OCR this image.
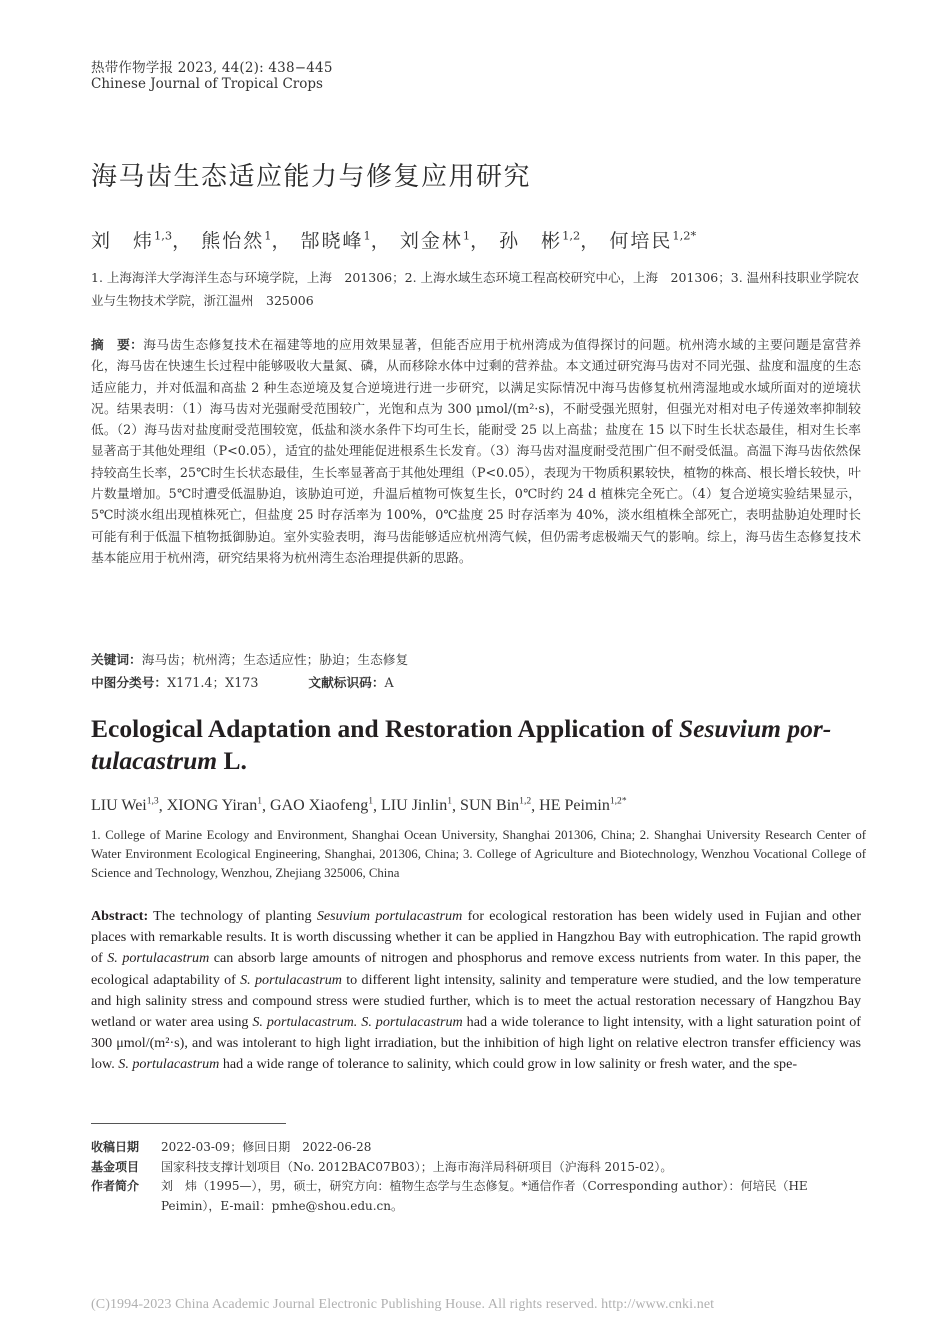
热带作物学报 2023, 44(2): 438−445
Chinese Journal of Tropical Crops
海马齿生态适应能力与修复应用研究
刘　炜$^{1,3}$， 熊怡然$^1$， 郜晓峰$^1$， 刘金林$^1$， 孙　彬$^{1,2}$， 何培民$^{1,2*}$

1. 上海海洋大学海洋生态与环境学院，上海　201306；2. 上海水域生态环境工程高校研究中心，上海　201306；3. 温州科技职业学院农业与生物技术学院，浙江温州　325006

摘　要：海马齿生态修复技术在福建等地的应用效果显著，但能否应用于杭州湾成为值得探讨的问题。杭州湾水域的主要问题是富营养化，海马齿在快速生长过程中能够吸收大量氮、磷，从而移除水体中过剩的营养盐。本文通过研究海马齿对不同光强、盐度和温度的生态适应能力，并对低温和高盐 2 种生态逆境及复合逆境进行进一步研究，以满足实际情况中海马齿修复杭州湾湿地或水域所面对的逆境状况。结果表明：（1）海马齿对光强耐受范围较广，光饱和点为 300 μmol/(m²·s)，不耐受强光照射，但强光对相对电子传递效率抑制较低。（2）海马齿对盐度耐受范围较宽，低盐和淡水条件下均可生长，能耐受 25 以上高盐；盐度在 15 以下时生长状态最佳，相对生长率显著高于其他处理组（P<0.05），适宜的盐处理能促进根系生长发育。（3）海马齿对温度耐受范围广但不耐受低温。高温下海马齿依然保持较高生长率，25℃时生长状态最佳，生长率显著高于其他处理组（P<0.05），表现为干物质积累较快，植物的株高、根长增长较快，叶片数量增加。5℃时遭受低温胁迫，该胁迫可逆，升温后植物可恢复生长，0℃时约 24 d 植株完全死亡。（4）复合逆境实验结果显示，5℃时淡水组出现植株死亡，但盐度 25 时存活率为 100%，0℃盐度 25 时存活率为 40%，淡水组植株全部死亡，表明盐胁迫处理时长可能有利于低温下植物抵御胁迫。室外实验表明，海马齿能够适应杭州湾气候，但仍需考虑极端天气的影响。综上，海马齿生态修复技术基本能应用于杭州湾，研究结果将为杭州湾生态治理提供新的思路。

关键词：海马齿；杭州湾；生态适应性；胁迫；生态修复

中图分类号：X171.4；X173	文献标识码：A

Ecological Adaptation and Restoration Application of Sesuvium por-tulacastrum L.
LIU Wei$^{1,3}$, XIONG Yiran$^1$, GAO Xiaofeng$^1$, LIU Jinlin$^1$, SUN Bin$^{1,2}$, HE Peimin$^{1,2*}$

1. College of Marine Ecology and Environment, Shanghai Ocean University, Shanghai 201306, China; 2. Shanghai University Research Center of Water Environment Ecological Engineering, Shanghai, 201306, China; 3. College of Agriculture and Biotechnology, Wenzhou Vocational College of Science and Technology, Wenzhou, Zhejiang 325006, China

Abstract: The technology of planting Sesuvium portulacastrum for ecological restoration has been widely used in Fujian and other places with remarkable results. It is worth discussing whether it can be applied in Hangzhou Bay with eutrophication. The rapid growth of S. portulacastrum can absorb large amounts of nitrogen and phosphorus and remove excess nutrients from water. In this paper, the ecological adaptability of S. portulacastrum to different light intensity, salinity and temperature were studied, and the low temperature and high salinity stress and compound stress were studied further, which is to meet the actual restoration necessary of Hangzhou Bay wetland or water area using S. portulacastrum. S. portulacastrum had a wide tolerance to light intensity, with a light saturation point of 300 μmol/(m²·s), and was intolerant to high light irradiation, but the inhibition of high light on relative electron transfer efficiency was low. S. portulacastrum had a wide range of tolerance to salinity, which could grow in low salinity or fresh water, and the spe-

收稿日期	2022-03-09；修回日期　2022-06-28
基金项目	国家科技支撑计划项目（No. 2012BAC07B03）；上海市海洋局科研项目（沪海科 2015-02）。
作者简介	刘　炜（1995—），男，硕士，研究方向：植物生态学与生态修复。*通信作者（Corresponding author）：何培民（HE Peimin），E-mail：pmhe@shou.edu.cn。
(C)1994-2023 China Academic Journal Electronic Publishing House. All rights reserved. http://www.cnki.net
